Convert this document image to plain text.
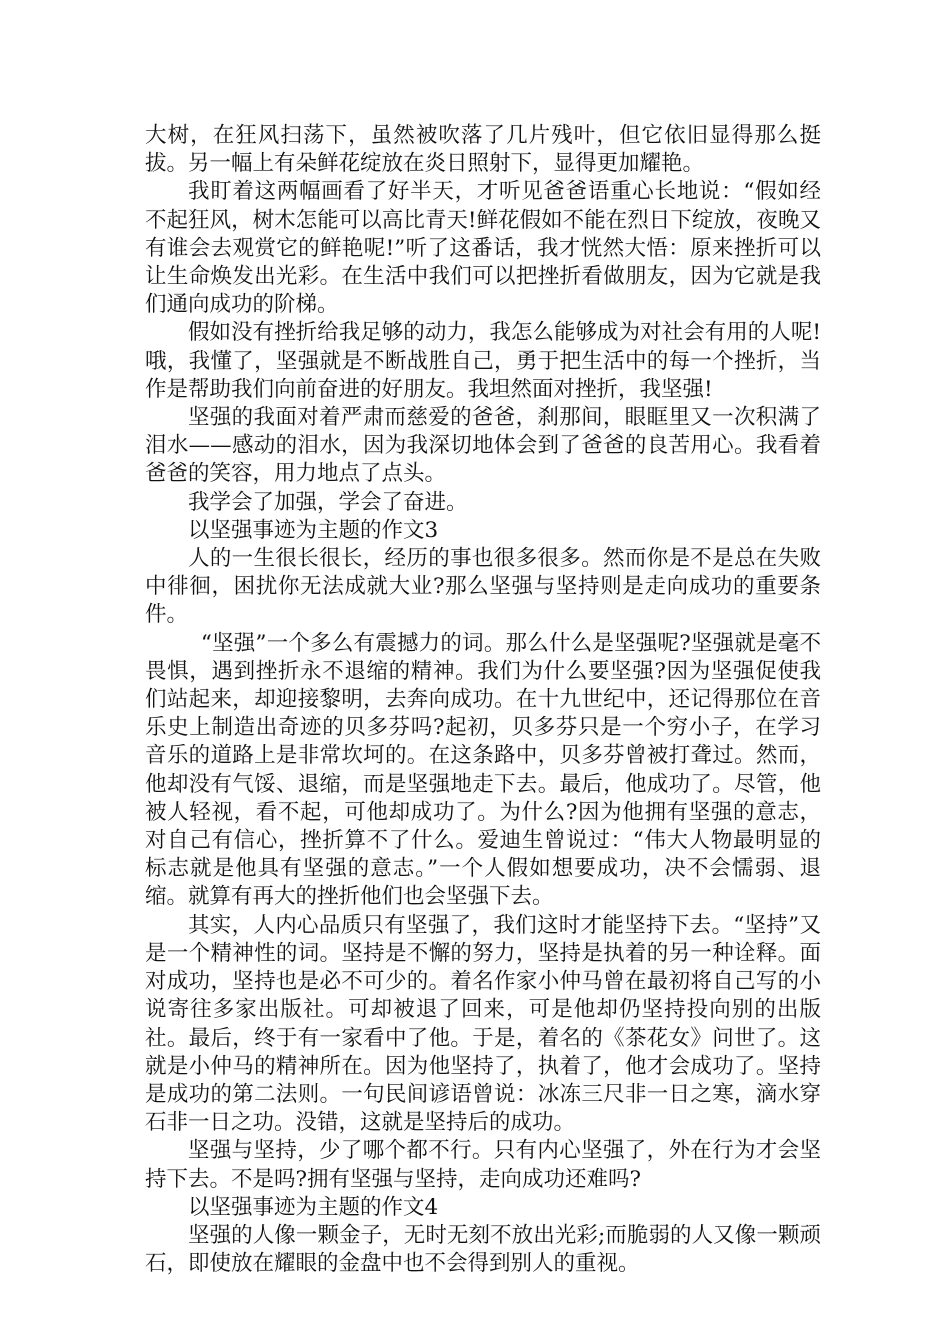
大树，在狂风扫荡下，虽然被吹落了几片残叶，但它依旧显得那么挺拔。另一幅上有朵鲜花绽放在炎日照射下，显得更加耀艳。

我盯着这两幅画看了好半天，才听见爸爸语重心长地说：“假如经不起狂风，树木怎能可以高比青天!鲜花假如不能在烈日下绽放，夜晚又有谁会去观赏它的鲜艳呢!”听了这番话，我才恍然大悟：原来挫折可以让生命焕发出光彩。在生活中我们可以把挫折看做朋友，因为它就是我们通向成功的阶梯。

假如没有挫折给我足够的动力，我怎么能够成为对社会有用的人呢!哦，我懂了，坚强就是不断战胜自己，勇于把生活中的每一个挫折，当作是帮助我们向前奋进的好朋友。我坦然面对挫折，我坚强!

坚强的我面对着严肃而慈爱的爸爸，刹那间，眼眶里又一次积满了泪水——感动的泪水，因为我深切地体会到了爸爸的良苦用心。我看着爸爸的笑容，用力地点了点头。

我学会了加强，学会了奋进。

以坚强事迹为主题的作文3

人的一生很长很长，经历的事也很多很多。然而你是不是总在失败中徘徊，困扰你无法成就大业?那么坚强与坚持则是走向成功的重要条件。

“坚强”一个多么有震撼力的词。那么什么是坚强呢?坚强就是毫不畏惧，遇到挫折永不退缩的精神。我们为什么要坚强?因为坚强促使我们站起来，却迎接黎明，去奔向成功。在十九世纪中，还记得那位在音乐史上制造出奇迹的贝多芬吗?起初，贝多芬只是一个穷小子，在学习音乐的道路上是非常坎坷的。在这条路中，贝多芬曾被打聋过。然而，他却没有气馁、退缩，而是坚强地走下去。最后，他成功了。尽管，他被人轻视，看不起，可他却成功了。为什么?因为他拥有坚强的意志，对自己有信心，挫折算不了什么。爱迪生曾说过：“伟大人物最明显的标志就是他具有坚强的意志。”一个人假如想要成功，决不会懦弱、退缩。就算有再大的挫折他们也会坚强下去。

其实，人内心品质只有坚强了，我们这时才能坚持下去。“坚持”又是一个精神性的词。坚持是不懈的努力，坚持是执着的另一种诠释。面对成功，坚持也是必不可少的。着名作家小仲马曾在最初将自己写的小说寄往多家出版社。可却被退了回来，可是他却仍坚持投向别的出版社。最后，终于有一家看中了他。于是，着名的《茶花女》问世了。这就是小仲马的精神所在。因为他坚持了，执着了，他才会成功了。坚持是成功的第二法则。一句民间谚语曾说：冰冻三尺非一日之寒，滴水穿石非一日之功。没错，这就是坚持后的成功。

坚强与坚持，少了哪个都不行。只有内心坚强了，外在行为才会坚持下去。不是吗?拥有坚强与坚持，走向成功还难吗?

以坚强事迹为主题的作文4

坚强的人像一颗金子，无时无刻不放出光彩;而脆弱的人又像一颗顽石，即使放在耀眼的金盘中也不会得到别人的重视。
